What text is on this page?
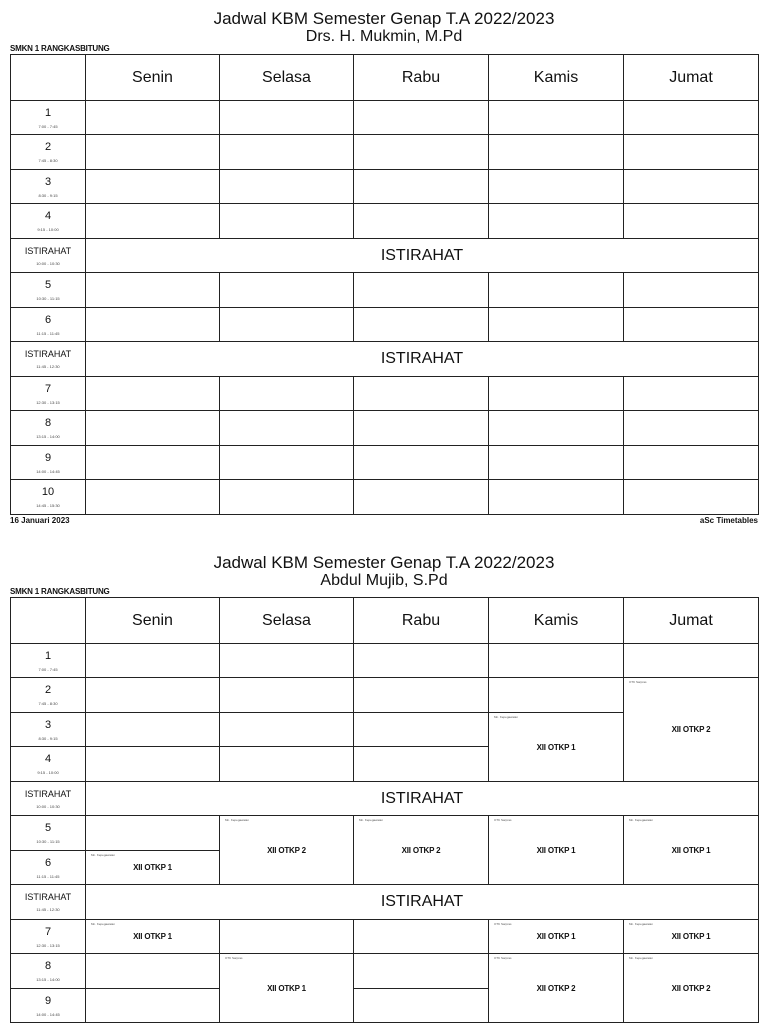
Jadwal KBM Semester Genap T.A 2022/2023
Drs. H. Mukmin, M.Pd
SMKN 1 RANGKASBITUNG
	Senin	Selasa	Rabu	Kamis	Jumat

1
7:00 - 7:45					

2
7:45 - 8:30					

3
8:30 - 9:15					

4
9:15 - 10:00					

ISTIRAHAT
10:00 - 10:30	ISTIRAHAT				

5
10:30 - 11:15					

6
11:15 - 11:45					

ISTIRAHAT
11:45 - 12:30	ISTIRAHAT				

7
12:30 - 13:15					

8
13:15 - 14:00					

9
14:00 - 14:45					

10
14:45 - 15:30					

16 Januari 2023	aSc Timetables
Jadwal KBM Semester Genap T.A 2022/2023
Abdul Mujib, S.Pd
SMKN 1 RANGKASBITUNG
	Senin	Selasa	Rabu	Kamis	Jumat

1
7:00 - 7:45					

2
7:45 - 8:30					OTK Sarpras
XII OTKP 2

3
8:30 - 9:15				Mn. Kepegawaian
XII OTKP 1	

4
9:15 - 10:00					

ISTIRAHAT
10:00 - 10:30	ISTIRAHAT				

5
10:30 - 11:15		Mn. Kepegawaian
XII OTKP 2	Mn. Kepegawaian
XII OTKP 2	OTK Sarpras
XII OTKP 1	Mn. Kepegawaian
XII OTKP 1

6
11:15 - 11:45	Mn. Kepegawaian
XII OTKP 1				

ISTIRAHAT
11:45 - 12:30	ISTIRAHAT				

7
12:30 - 13:15	Mn. Kepegawaian
XII OTKP 1			OTK Sarpras
XII OTKP 1	Mn. Kepegawaian
XII OTKP 1

8
13:15 - 14:00		OTK Sarpras
XII OTKP 1		OTK Sarpras
XII OTKP 2	Mn. Kepegawaian
XII OTKP 2

9
14:00 - 14:45					
